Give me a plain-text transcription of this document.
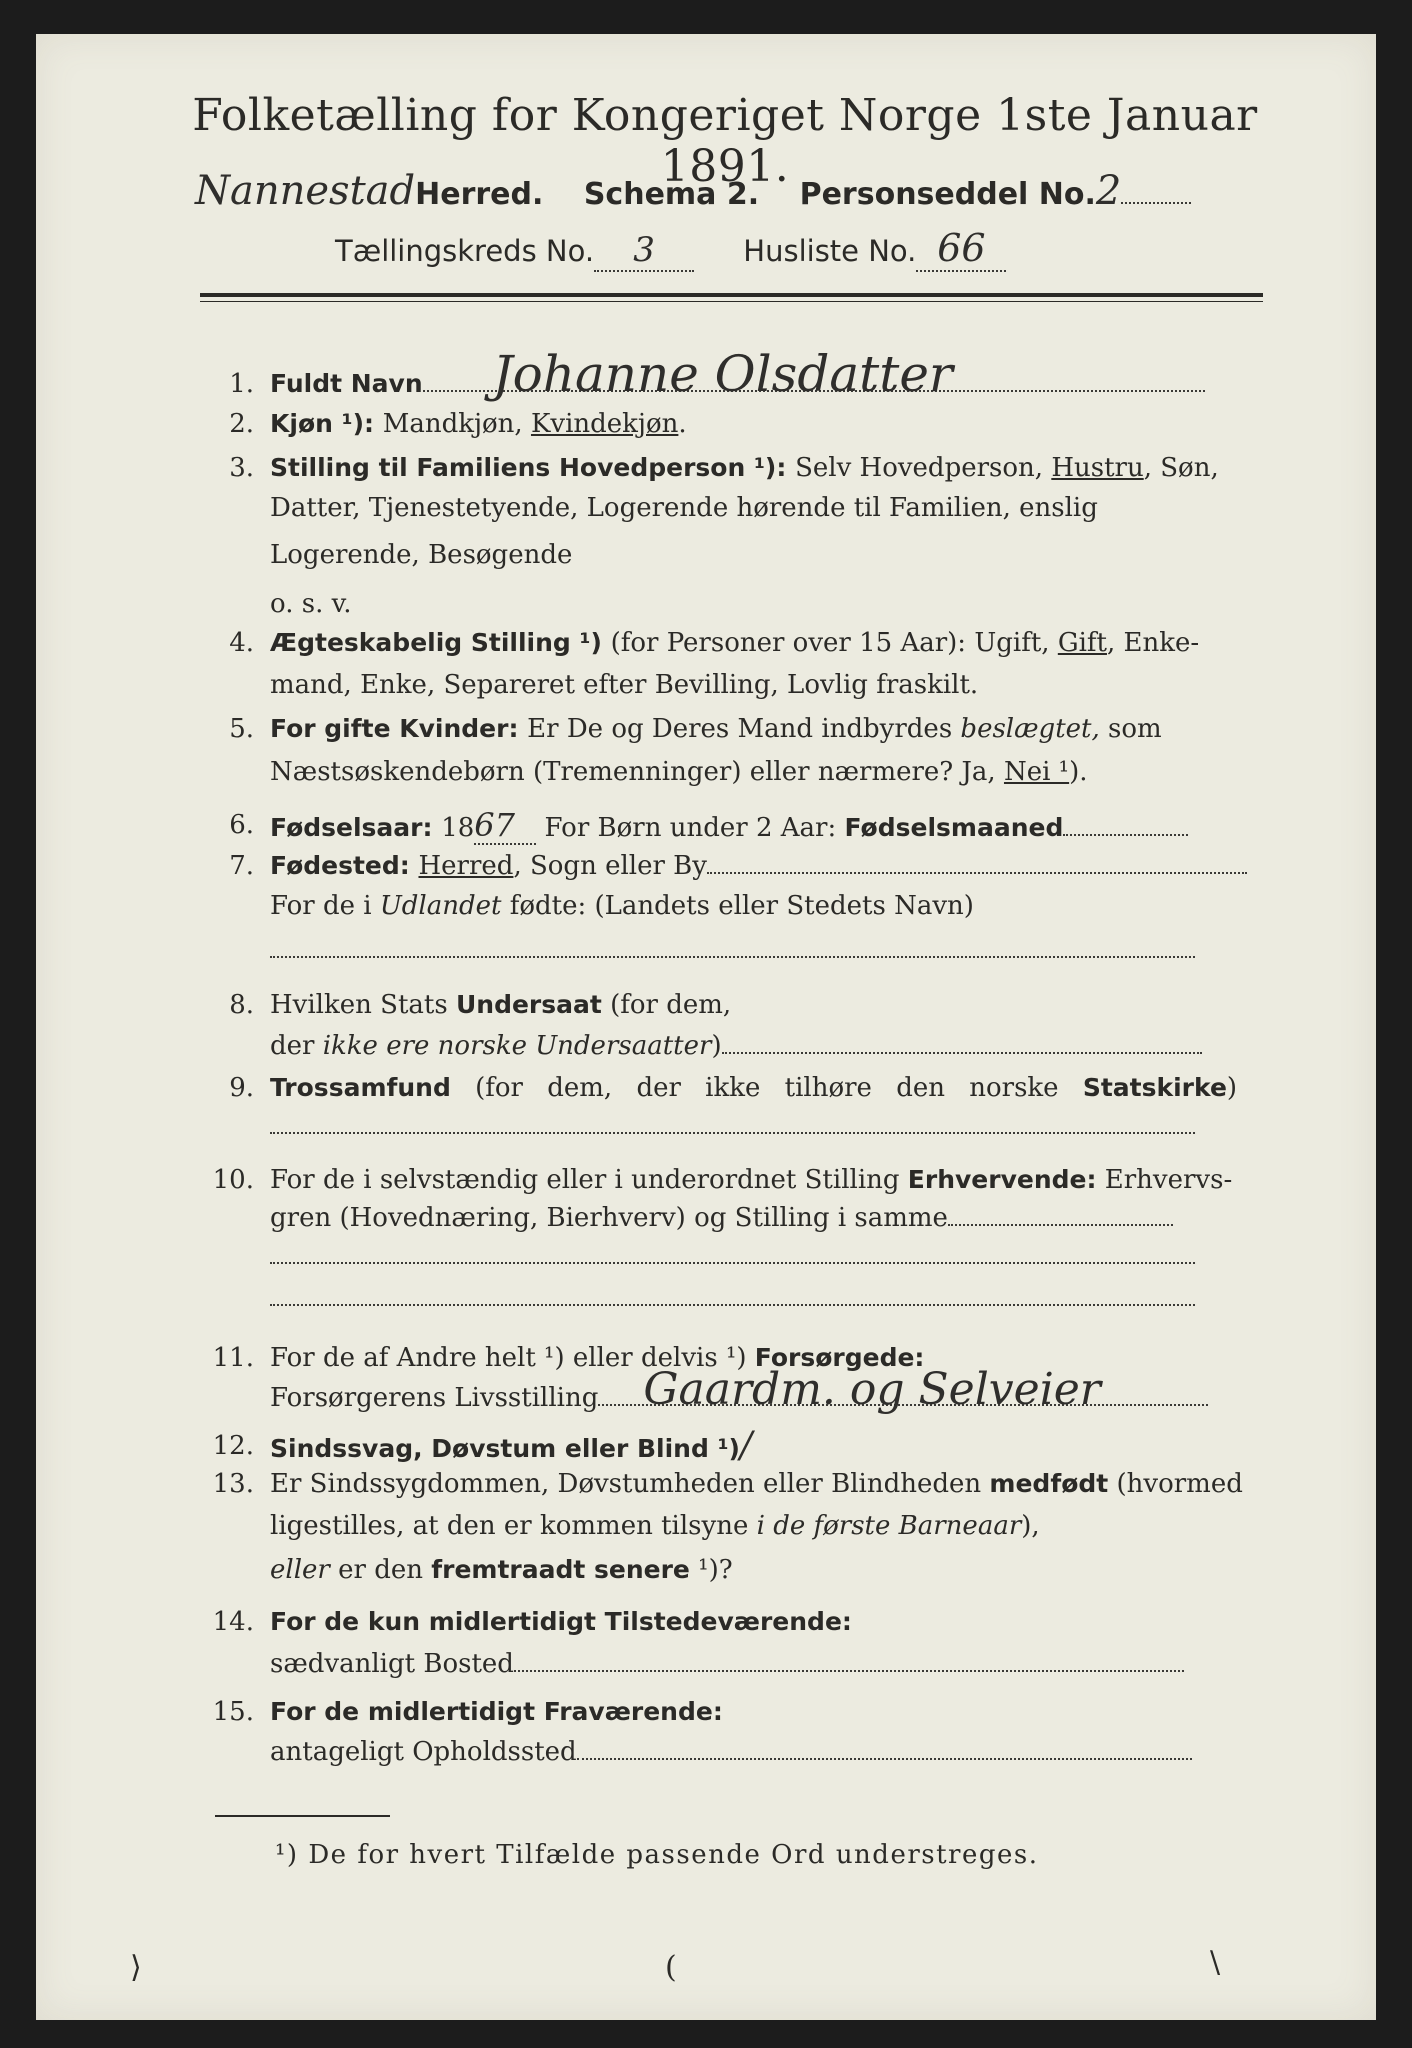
Folketælling for Kongeriget Norge 1ste Januar 1891.
NannestadHerred. Schema 2. Personseddel No.2
Tællingskreds No. 3	Husliste No. 66
1. Fuldt Navn Johanne Olsdatter
2. Kjøn ¹): Mandkjøn, Kvindekjøn.
3. Stilling til Familiens Hovedperson ¹): Selv Hovedperson, Hustru, Søn,
Datter, Tjenestetyende, Logerende hørende til Familien, enslig
Logerende, Besøgende
o. s. v.
4. Ægteskabelig Stilling ¹) (for Personer over 15 Aar): Ugift, Gift, Enke-
mand, Enke, Separeret efter Bevilling, Lovlig fraskilt.
5. For gifte Kvinder: Er De og Deres Mand indbyrdes beslægtet, som
Næstsøskendebørn (Tremenninger) eller nærmere? Ja, Nei ¹).
6. Fødselsaar: 1867 For Børn under 2 Aar: Fødselsmaaned
7. Fødested: Herred, Sogn eller By
For de i Udlandet fødte: (Landets eller Stedets Navn)
8. Hvilken Stats Undersaat (for dem,
der ikke ere norske Undersaatter)
9. Trossamfund (for dem, der ikke tilhøre den norske Statskirke)
10. For de i selvstændig eller i underordnet Stilling Erhvervende: Erhvervs-
gren (Hovednæring, Bierhverv) og Stilling i samme
11. For de af Andre helt ¹) eller delvis ¹) Forsørgede:
Forsørgerens Livsstilling Gaardm. og Selveier
12. Sindssvag, Døvstum eller Blind ¹)/
13. Er Sindssygdommen, Døvstumheden eller Blindheden medfødt (hvormed
ligestilles, at den er kommen tilsyne i de første Barneaar),
eller er den fremtraadt senere ¹)?
14. For de kun midlertidigt Tilstedeværende:
sædvanligt Bosted
15. For de midlertidigt Fraværende:
antageligt Opholdssted
¹) De for hvert Tilfælde passende Ord understreges.
⟩	(	\
